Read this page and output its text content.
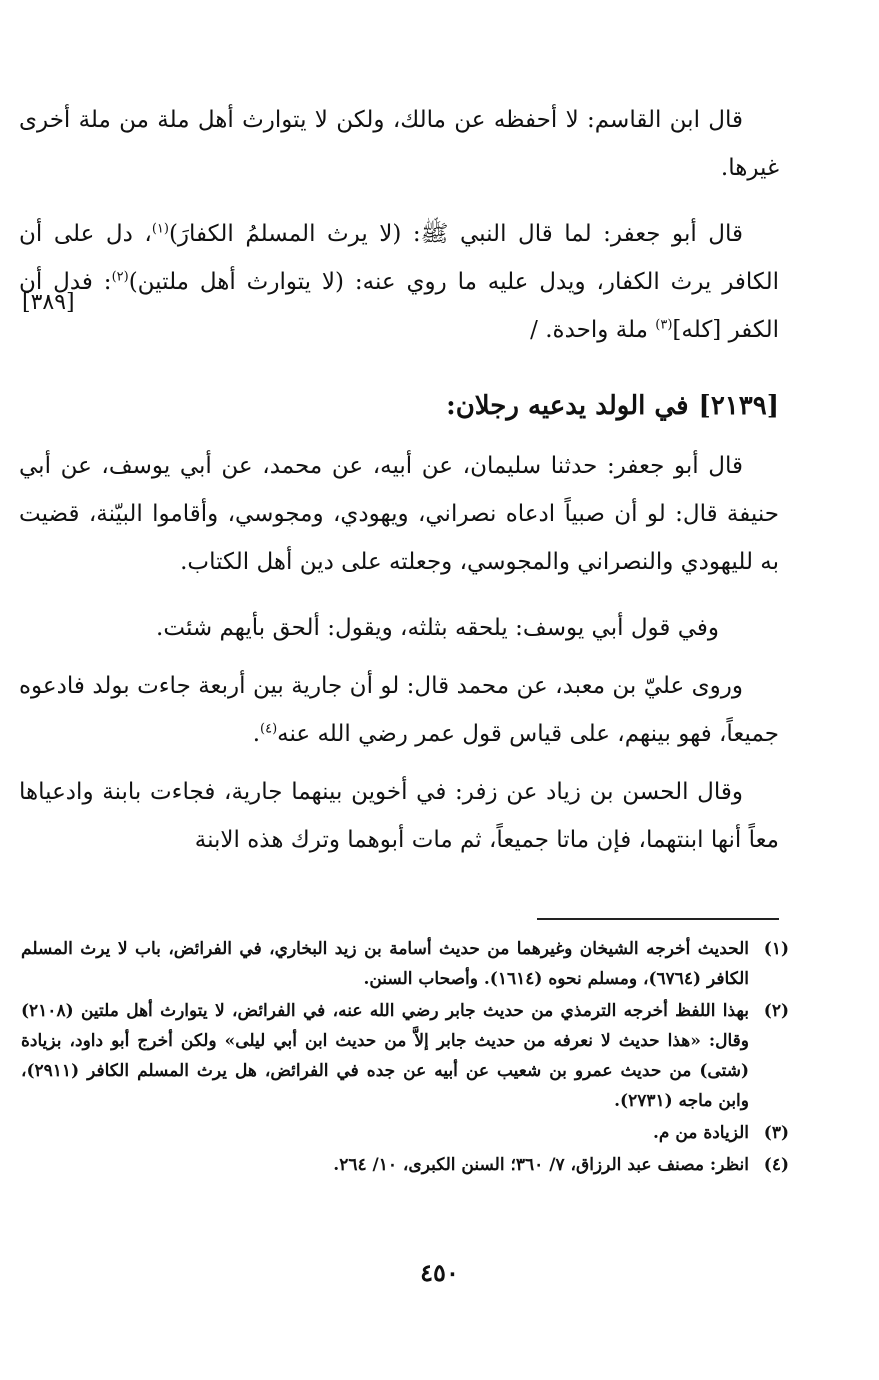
قال ابن القاسم: لا أحفظه عن مالك، ولكن لا يتوارث أهل ملة من ملة أخرى غيرها.

قال أبو جعفر: لما قال النبي ﷺ: (لا يرث المسلمُ الكفارَ)$^{(١)}$، دل على أن الكافر يرث الكفار، ويدل عليه ما روي عنه: (لا يتوارث أهل ملتين)$^{(٢)}$: فدل أن الكفر [كله]$^{(٣)}$ ملة واحدة. /

[٢١٣٩]في الولد يدعيه رجلان:

قال أبو جعفر: حدثنا سليمان، عن أبيه، عن محمد، عن أبي يوسف، عن أبي حنيفة قال: لو أن صبياً ادعاه نصراني، ويهودي، ومجوسي، وأقاموا البيّنة، قضيت به لليهودي والنصراني والمجوسي، وجعلته على دين أهل الكتاب.

وفي قول أبي يوسف: يلحقه بثلثه، ويقول: ألحق بأيهم شئت.

وروى عليّ بن معبد، عن محمد قال: لو أن جارية بين أربعة جاءت بولد فادعوه جميعاً، فهو بينهم، على قياس قول عمر رضي الله عنه$^{(٤)}$.

وقال الحسن بن زياد عن زفر: في أخوين بينهما جارية، فجاءت بابنة وادعياها معاً أنها ابنتهما، فإن ماتا جميعاً، ثم مات أبوهما وترك هذه الابنة

[٣٨٩]
(١)
الحديث أخرجه الشيخان وغيرهما من حديث أسامة بن زيد البخاري، في الفرائض، باب لا يرث المسلم الكافر (٦٧٦٤)، ومسلم نحوه (١٦١٤). وأصحاب السنن.
(٢)
بهذا اللفظ أخرجه الترمذي من حديث جابر رضي الله عنه، في الفرائض، لا يتوارث أهل ملتين (٢١٠٨) وقال: «هذا حديث لا نعرفه من حديث جابر إلاَّ من حديث ابن أبي ليلى» ولكن أخرج أبو داود، بزيادة (شتى) من حديث عمرو بن شعيب عن أبيه عن جده في الفرائض، هل يرث المسلم الكافر (٢٩١١)، وابن ماجه (٢٧٣١).
(٣)
الزيادة من م.
(٤)
انظر: مصنف عبد الرزاق، ٧/ ٣٦٠؛ السنن الكبرى، ١٠/ ٢٦٤.
٤٥٠
